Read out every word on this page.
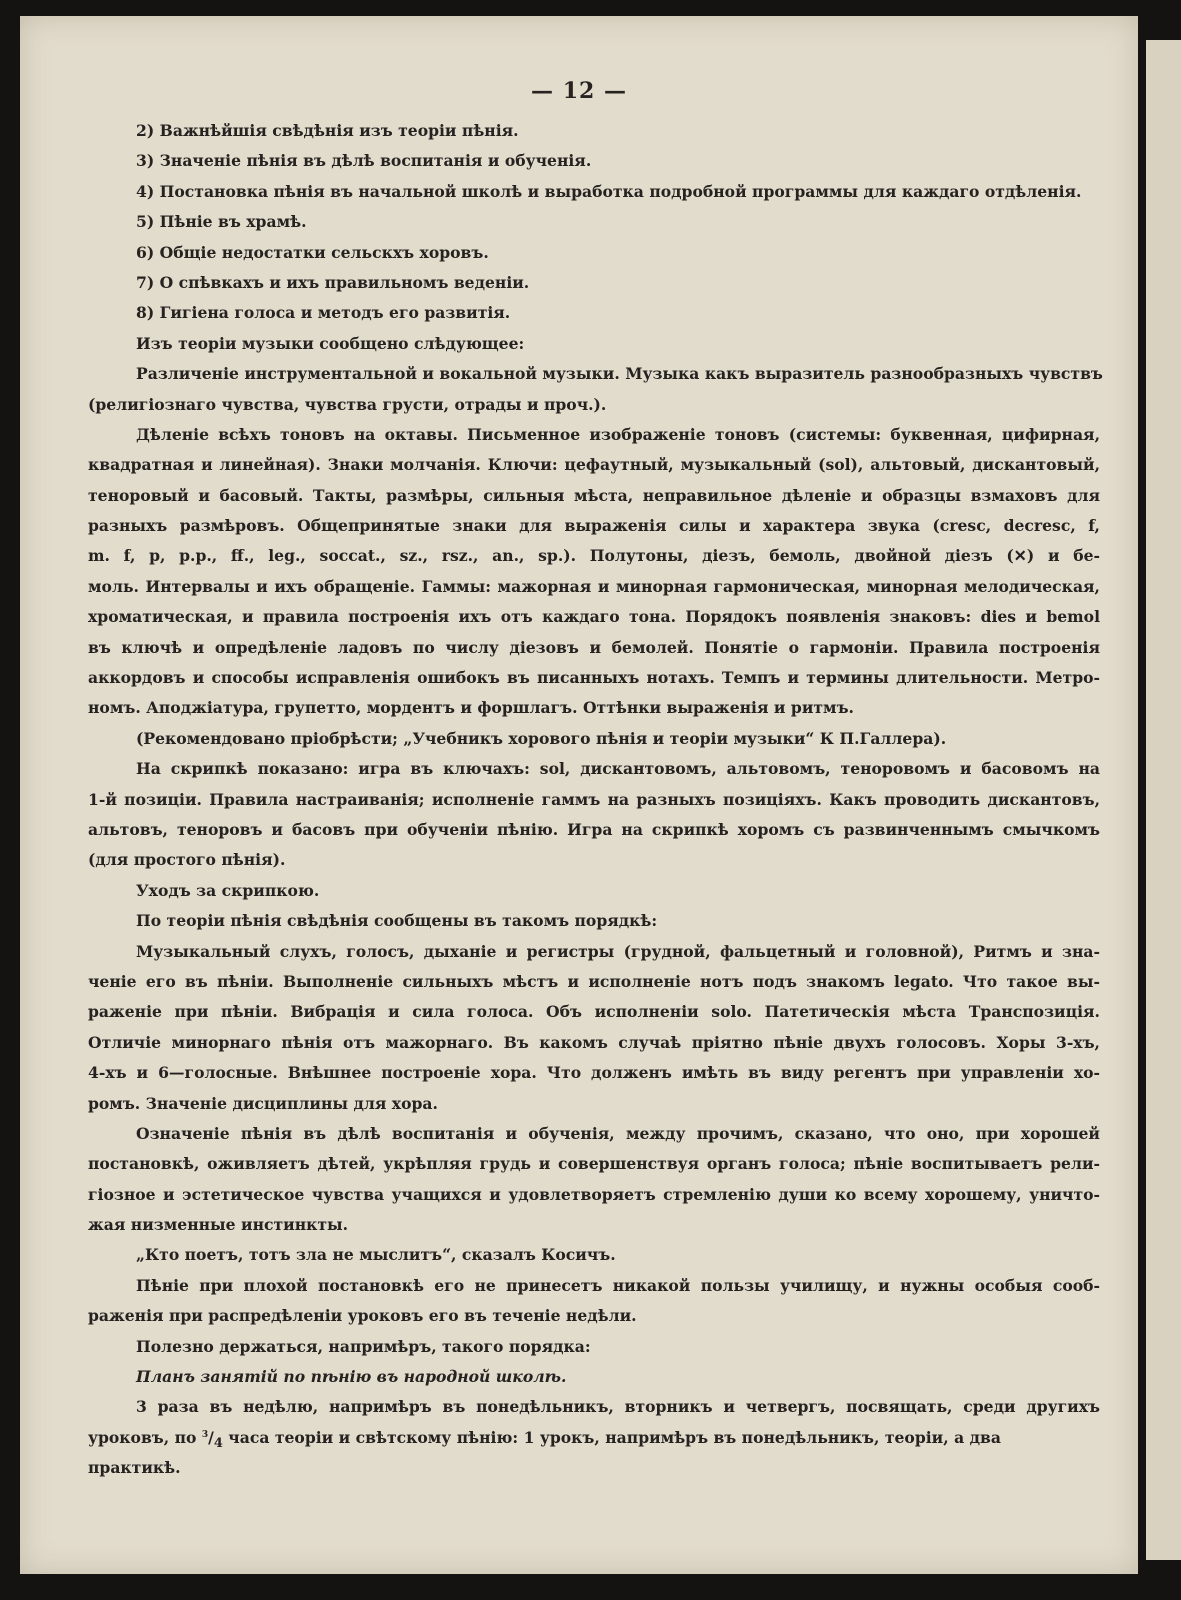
— 12 —
2) Важнѣйшія свѣдѣнія изъ теоріи пѣнія.
3) Значеніе пѣнія въ дѣлѣ воспитанія и обученія.
4) Постановка пѣнія въ начальной школѣ и выработка подробной программы для каждаго отдѣленія.
5) Пѣніе въ храмѣ.
6) Общіе недостатки сельскхъ хоровъ.
7) О спѣвкахъ и ихъ правильномъ веденіи.
8) Гигіена голоса и методъ его развитія.
Изъ теоріи музыки сообщено слѣдующее:
Различеніе инструментальной и вокальной музыки. Музыка какъ выразитель разнообразныхъ чувствъ
(религіознаго чувства, чувства грусти, отрады и проч.).
Дѣленіе всѣхъ тоновъ на октавы. Письменное изображеніе тоновъ (системы: буквенная, цифирная,
квадратная и линейная). Знаки молчанія. Ключи: цефаутный, музыкальный (sol), альтовый, дискантовый,
теноровый и басовый. Такты, размѣры, сильныя мѣста, неправильное дѣленіе и образцы взмаховъ для
разныхъ размѣровъ. Общепринятые знаки для выраженія силы и характера звука (cresc, decresc, f,
m. f, p, p.p., ff., leg., soccat., sz., rsz., an., sp.). Полутоны, діезъ, бемоль, двойной діезъ (✕) и бе-
моль. Интервалы и ихъ обращеніе. Гаммы: мажорная и минорная гармоническая, минорная мелодическая,
хроматическая, и правила построенія ихъ отъ каждаго тона. Порядокъ появленія знаковъ: dies и bemol
въ ключѣ и опредѣленіе ладовъ по числу діезовъ и бемолей. Понятіе о гармоніи. Правила построенія
аккордовъ и способы исправленія ошибокъ въ писанныхъ нотахъ. Темпъ и термины длительности. Метро-
номъ. Аподжіатура, групетто, мордентъ и форшлагъ. Оттѣнки выраженія и ритмъ.
(Рекомендовано пріобрѣсти; „Учебникъ хорового пѣнія и теоріи музыки“ К П.Галлера).
На скрипкѣ показано: игра въ ключахъ: sol, дискантовомъ, альтовомъ, теноровомъ и басовомъ на
1-й позиціи. Правила настраиванія; исполненіе гаммъ на разныхъ позиціяхъ. Какъ проводить дискантовъ,
альтовъ, теноровъ и басовъ при обученіи пѣнію. Игра на скрипкѣ хоромъ съ развинченнымъ смычкомъ
(для простого пѣнія).
Уходъ за скрипкою.
По теоріи пѣнія свѣдѣнія сообщены въ такомъ порядкѣ:
Музыкальный слухъ, голосъ, дыханіе и регистры (грудной, фальцетный и головной), Ритмъ и зна-
ченіе его въ пѣніи. Выполненіе сильныхъ мѣстъ и исполненіе нотъ подъ знакомъ legato. Что такое вы-
раженіе при пѣніи. Вибрація и сила голоса. Объ исполненіи solo. Патетическія мѣста Транспозиція.
Отличіе минорнаго пѣнія отъ мажорнаго. Въ какомъ случаѣ пріятно пѣніе двухъ голосовъ. Хоры 3-хъ,
4-хъ и 6—голосные. Внѣшнее построеніе хора. Что долженъ имѣть въ виду регентъ при управленіи хо-
ромъ. Значеніе дисциплины для хора.
Означеніе пѣнія въ дѣлѣ воспитанія и обученія, между прочимъ, сказано, что оно, при хорошей
постановкѣ, оживляетъ дѣтей, укрѣпляя грудь и совершенствуя органъ голоса; пѣніе воспитываетъ рели-
гіозное и эстетическое чувства учащихся и удовлетворяетъ стремленію души ко всему хорошему, уничто-
жая низменные инстинкты.
„Кто поетъ, тотъ зла не мыслитъ“, сказалъ Косичъ.
Пѣніе при плохой постановкѣ его не принесетъ никакой пользы училищу, и нужны особыя сооб-
раженія при распредѣленіи уроковъ его въ теченіе недѣли.
Полезно держаться, напримѣръ, такого порядка:
Планъ занятій по пѣнію въ народной школѣ.
3 раза въ недѣлю, напримѣръ въ понедѣльникъ, вторникъ и четвергъ, посвящать, среди другихъ
уроковъ, по $^3/_4$ часа теоріи и свѣтскому пѣнію: 1 урокъ, напримѣръ въ понедѣльникъ, теоріи, а два
практикѣ.
